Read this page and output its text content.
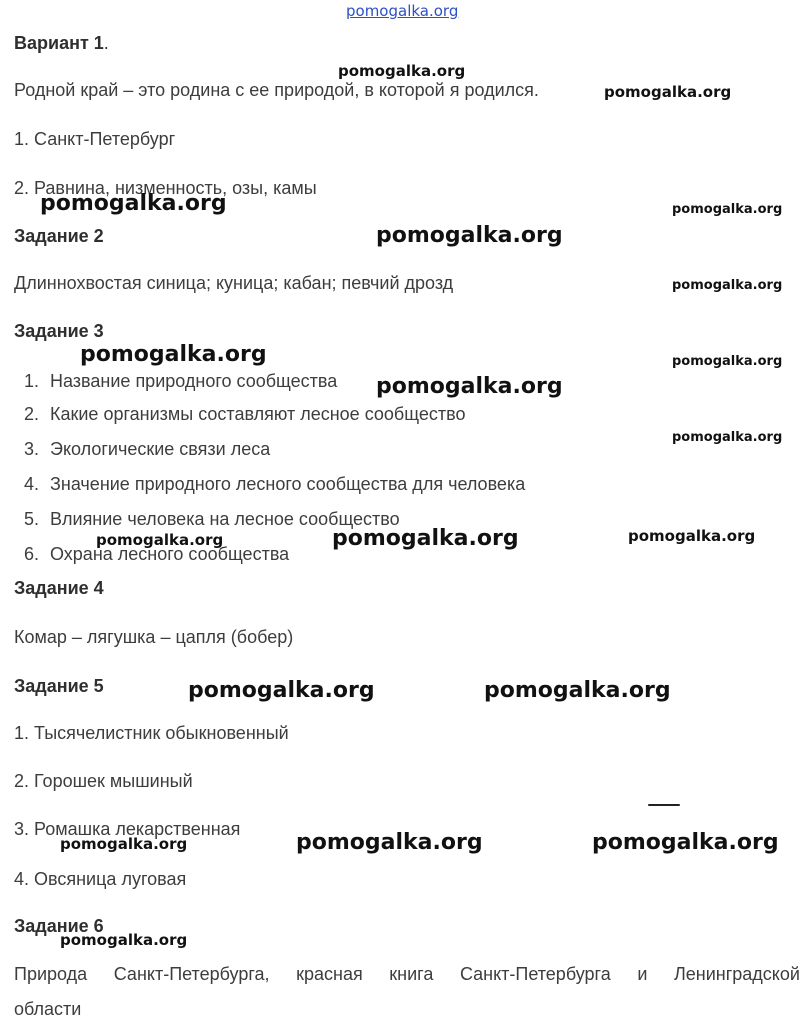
pomogalka.org
Вариант 1.
Родной край – это родина с ее природой, в которой я родился.
1. Санкт-Петербург
2. Равнина, низменность, озы, камы
Задание 2
Длиннохвостая синица; куница; кабан; певчий дрозд
Задание 3
1. Название природного сообщества
2. Какие организмы составляют лесное сообщество
3. Экологические связи леса
4. Значение природного лесного сообщества для человека
5. Влияние человека на лесное сообщество
6. Охрана лесного сообщества
Задание 4
Комар – лягушка – цапля (бобер)
Задание 5
1. Тысячелистник обыкновенный
2. Горошек мышиный
3. Ромашка лекарственная
4. Овсяница луговая
Задание 6
Природа Санкт-Петербурга, красная книга Санкт-Петербурга и Ленинградской
области
pomogalka.org
pomogalka.org
pomogalka.org	pomogalka.org
pomogalka.org
pomogalka.org
pomogalka.org	pomogalka.org
pomogalka.org
pomogalka.org
pomogalka.org
pomogalka.org	pomogalka.org
pomogalka.org	pomogalka.org
pomogalka.org	pomogalka.org	pomogalka.org
pomogalka.org
